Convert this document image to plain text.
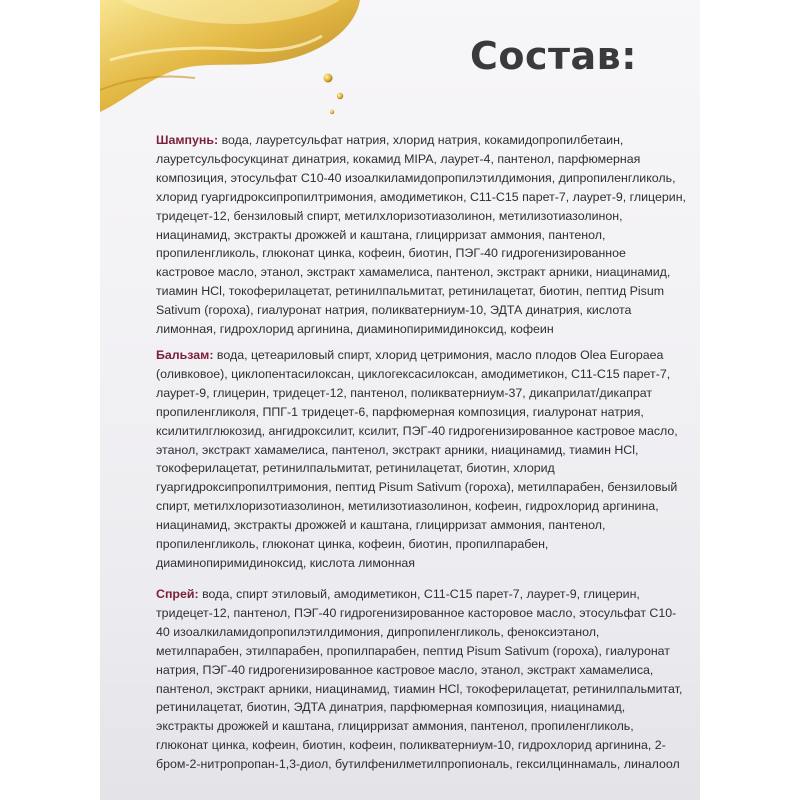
Состав:
Шампунь: вода, лауретсульфат натрия, хлорид натрия, кокамидопропилбетаин, лауретсульфосукцинат динатрия, кокамид MIPA, лаурет-4, пантенол, парфюмерная композиция, этосульфат C10-40 изоалкиламидопропилэтилдимония, дипропиленгликоль, хлорид гуаргидроксипропилтримония, амодиметикон, C11-C15 парет-7, лаурет-9, глицерин, тридецет-12, бензиловый спирт, метилхлоризотиазолинон, метилизотиазолинон, ниацинамид, экстракты дрожжей и каштана, глицирризат аммония, пантенол, пропиленгликоль, глюконат цинка, кофеин, биотин, ПЭГ-40 гидрогенизированное кастровое масло, этанол, экстракт хамамелиса, пантенол, экстракт арники, ниацинамид, тиамин HCl, токоферилацетат, ретинилпальмитат, ретинилацетат, биотин, пептид Pisum Sativum (гороха), гиалуронат натрия, поликватерниум-10, ЭДТА динатрия, кислота лимонная, гидрохлорид аргинина, диаминопиримидиноксид, кофеин
Бальзам: вода, цетеариловый спирт, хлорид цетримония, масло плодов Olea Europaea (оливковое), циклопентасилоксан, циклогексасилоксан, амодиметикон, C11-C15 парет-7, лаурет-9, глицерин, тридецет-12, пантенол, поликватерниум-37, дикаприлат/дикапрат пропиленгликоля, ППГ-1 тридецет-6, парфюмерная композиция, гиалуронат натрия, ксилитилглюкозид, ангидроксилит, ксилит, ПЭГ-40 гидрогенизированное кастровое масло, этанол, экстракт хамамелиса, пантенол, экстракт арники, ниацинамид, тиамин HCl, токоферилацетат, ретинилпальмитат, ретинилацетат, биотин, хлорид гуаргидроксипропилтримония, пептид Pisum Sativum (гороха), метилпарабен, бензиловый спирт, метилхлоризотиазолинон, метилизотиазолинон, кофеин, гидрохлорид аргинина, ниацинамид, экстракты дрожжей и каштана, глицирризат аммония, пантенол, пропиленгликоль, глюконат цинка, кофеин, биотин, пропилпарабен, диаминопиримидиноксид, кислота лимонная
Спрей: вода, спирт этиловый, амодиметикон, C11-C15 парет-7, лаурет-9, глицерин, тридецет-12, пантенол, ПЭГ-40 гидрогенизированное касторовое масло, этосульфат C10-40 изоалкиламидопропилэтилдимония, дипропиленгликоль, феноксиэтанол, метилпарабен, этилпарабен, пропилпарабен, пептид Pisum Sativum (гороха), гиалуронат натрия, ПЭГ-40 гидрогенизированное кастровое масло, этанол, экстракт хамамелиса, пантенол, экстракт арники, ниацинамид, тиамин HCl, токоферилацетат, ретинилпальмитат, ретинилацетат, биотин, ЭДТА динатрия, парфюмерная композиция, ниацинамид, экстракты дрожжей и каштана, глицирризат аммония, пантенол, пропиленгликоль, глюконат цинка, кофеин, биотин, кофеин, поликватерниум-10, гидрохлорид аргинина, 2-бром-2-нитропропан-1,3-диол, бутилфенилметилпропиональ, гексилциннамаль, линалоол
